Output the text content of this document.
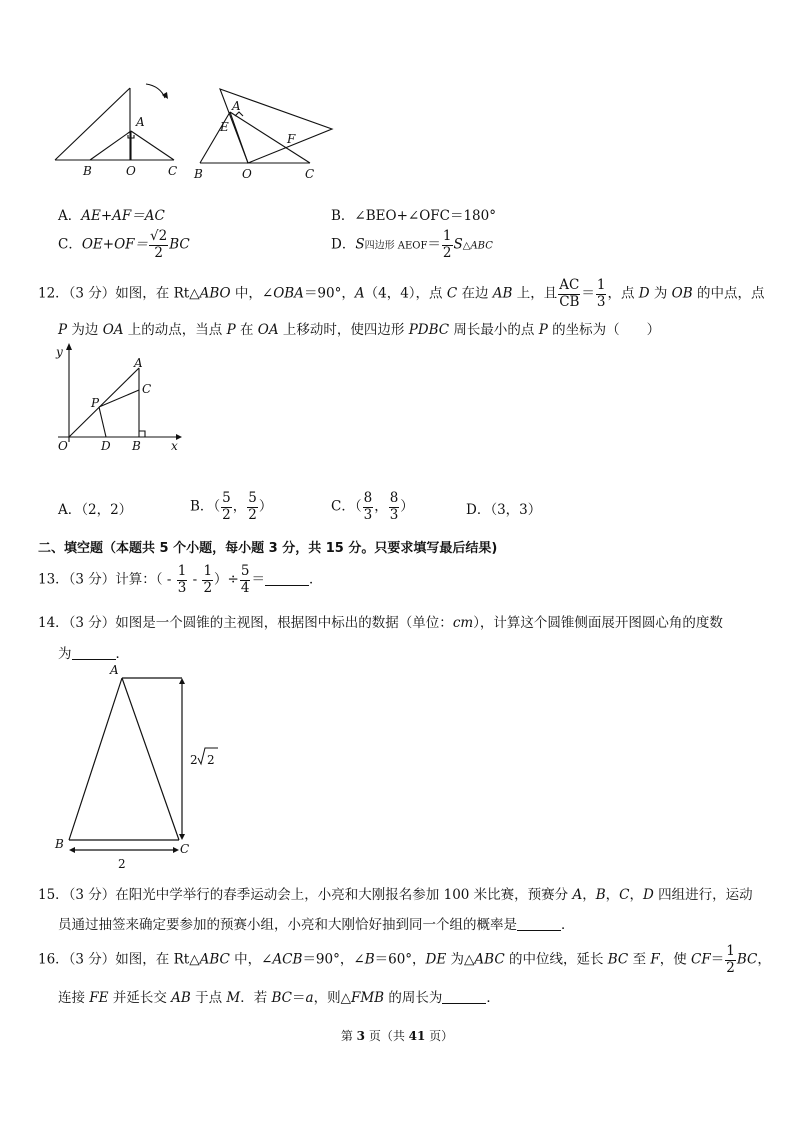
A
B	O	C
A
E
F
B	O	C
A．AE+AF＝AC	B．∠BEO+∠OFC＝180°
C．$OE+OF= \frac{√2}{2}$ BC	D．S四边形 AEOF＝ $\frac{1}{2}$ S△ABC
12．（3 分）如图，在 Rt△ABO 中，∠OBA＝90°，A（4，4），点 C 在边 AB 上，且 $\frac{AC}{CB} = \frac{1}{3}$ ，点 D 为 OB 的中点，点
P 为边 OA 上的动点，当点 P 在 OA 上移动时，使四边形 PDBC 周长最小的点 P 的坐标为（　　）
y
A
C
P
O	D B	x
A．（2，2）	B．（ $\frac{5}{2}$ ， $\frac{5}{2}$ ）	C．（ $\frac{8}{3}$ ， $\frac{8}{3}$ ）	D．（3，3）
二、填空题（本题共 5 个小题，每小题 3 分，共 15 分。只要求填写最后结果)
13．（3 分）计算：（ - $\frac{1}{3} - \frac{1}{2}$ ）÷ $\frac{5}{4}$ ＝	．
14．（3 分）如图是一个圆锥的主视图，根据图中标出的数据（单位：cm），计算这个圆锥侧面展开图圆心角的度数
为	．
A
B	C
2 2
2
15．（3 分）在阳光中学举行的春季运动会上，小亮和大刚报名参加 100 米比赛，预赛分 A，B，C，D 四组进行，运动
员通过抽签来确定要参加的预赛小组，小亮和大刚恰好抽到同一个组的概率是	．
16．（3 分）如图，在 Rt△ABC 中，∠ACB＝90°，∠B＝60°，DE 为△ABC 的中位线，延长 BC 至 F，使 $CF= \frac{1}{2}$ BC，
连接 FE 并延长交 AB 于点 M．若 BC＝a，则△FMB 的周长为	．
第 3 页（共 41 页）
